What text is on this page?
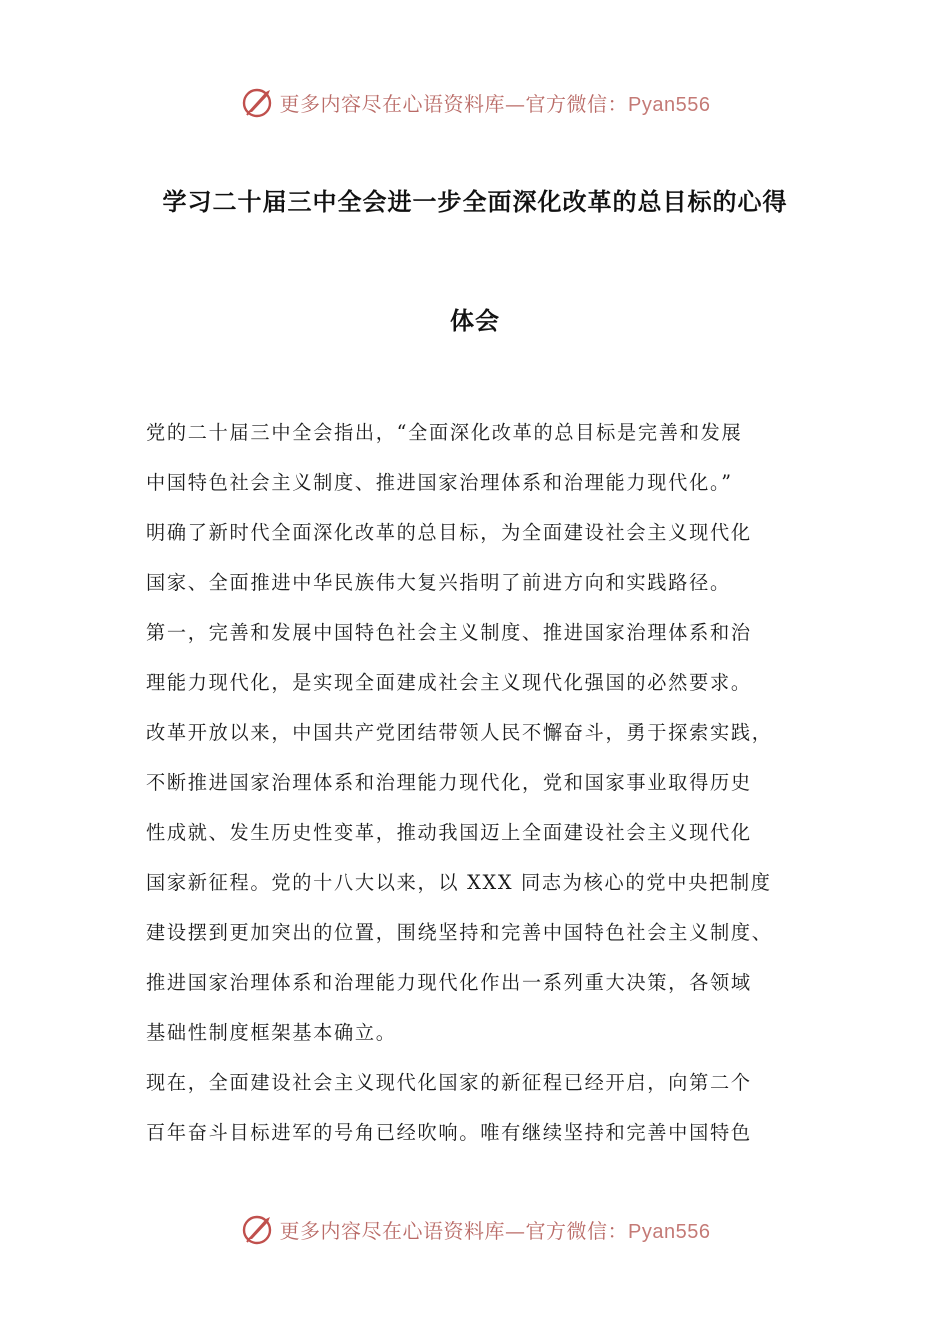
更多内容尽在心语资料库—官方微信：Pyan556
学习二十届三中全会进一步全面深化改革的总目标的心得
体会
党的二十届三中全会指出，“全面深化改革的总目标是完善和发展
中国特色社会主义制度、推进国家治理体系和治理能力现代化。”
明确了新时代全面深化改革的总目标，为全面建设社会主义现代化
国家、全面推进中华民族伟大复兴指明了前进方向和实践路径。
第一，完善和发展中国特色社会主义制度、推进国家治理体系和治
理能力现代化，是实现全面建成社会主义现代化强国的必然要求。
改革开放以来，中国共产党团结带领人民不懈奋斗，勇于探索实践，
不断推进国家治理体系和治理能力现代化，党和国家事业取得历史
性成就、发生历史性变革，推动我国迈上全面建设社会主义现代化
国家新征程。党的十八大以来，以 XXX 同志为核心的党中央把制度
建设摆到更加突出的位置，围绕坚持和完善中国特色社会主义制度、
推进国家治理体系和治理能力现代化作出一系列重大决策，各领域
基础性制度框架基本确立。
现在，全面建设社会主义现代化国家的新征程已经开启，向第二个
百年奋斗目标进军的号角已经吹响。唯有继续坚持和完善中国特色
更多内容尽在心语资料库—官方微信：Pyan556
